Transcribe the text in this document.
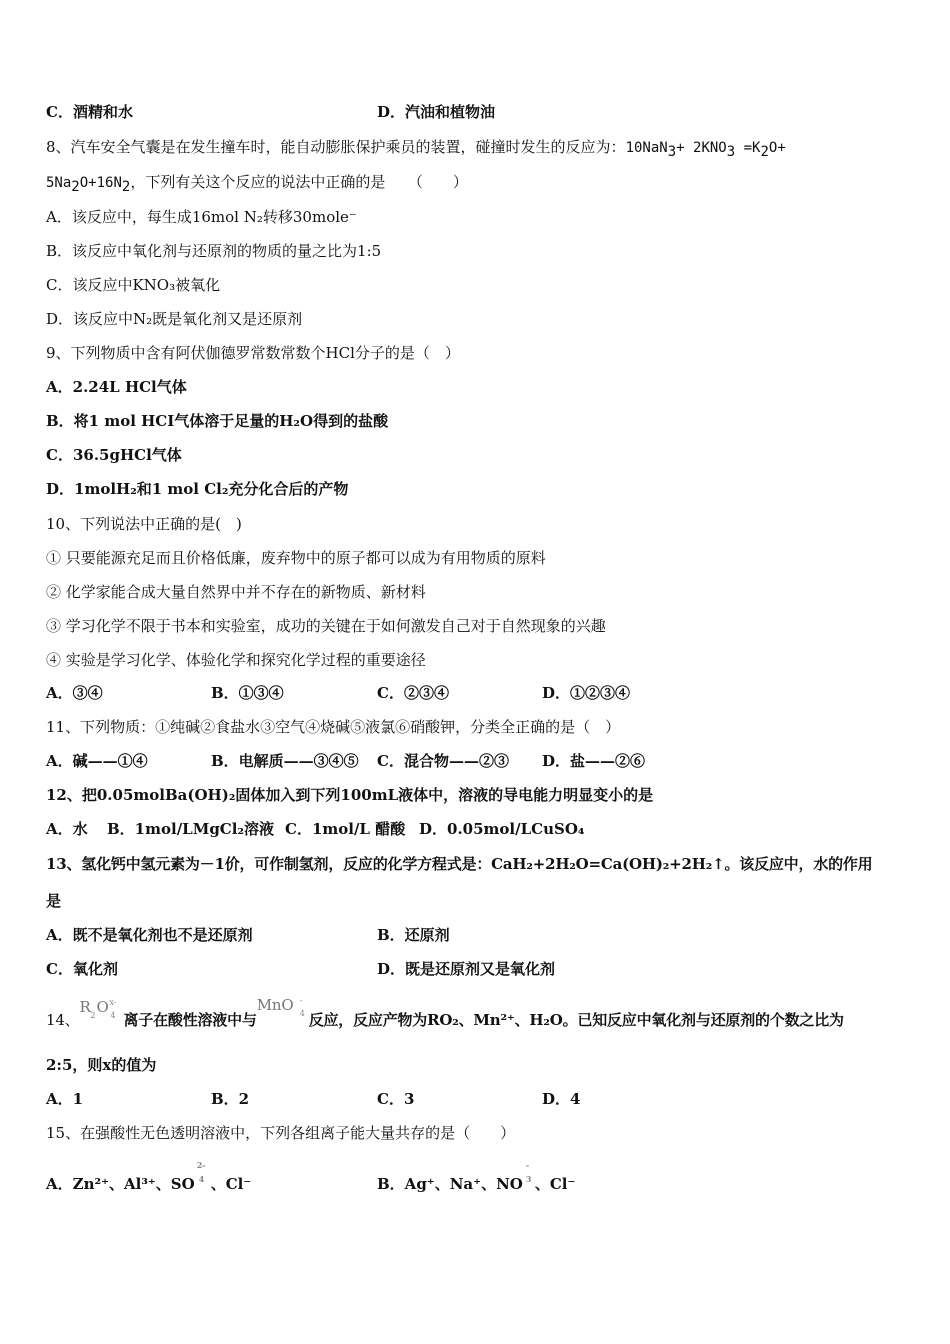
C．酒精和水	D．汽油和植物油
8、汽车安全气囊是在发生撞车时，能自动膨胀保护乘员的装置，碰撞时发生的反应为：$10NaN_3+ 2KNO_3 =K_2O+$
$5Na_2O+16N_2$，下列有关这个反应的说法中正确的是　　（　　）
A．该反应中，每生成16mol N₂转移30mole⁻
B．该反应中氧化剂与还原剂的物质的量之比为1:5
C．该反应中KNO₃被氧化
D．该反应中N₂既是氧化剂又是还原剂
9、下列物质中含有阿伏伽德罗常数常数个HCl分子的是（　）
A．2.24L HCl气体
B．将1 mol HCI气体溶于足量的H₂O得到的盐酸
C．36.5gHCl气体
D．1molH₂和1 mol Cl₂充分化合后的产物
10、下列说法中正确的是(　)
① 只要能源充足而且价格低廉，废弃物中的原子都可以成为有用物质的原料
② 化学家能合成大量自然界中并不存在的新物质、新材料
③ 学习化学不限于书本和实验室，成功的关键在于如何激发自己对于自然现象的兴趣
④ 实验是学习化学、体验化学和探究化学过程的重要途径
A．③④	B．①③④	C．②③④	D．①②③④
11、下列物质：①纯碱②食盐水③空气④烧碱⑤液氯⑥硝酸钾，分类全正确的是（　）
A．碱——①④	B．电解质——③④⑤ C．混合物——②③ D．盐——②⑥
12、把0.05molBa(OH)₂固体加入到下列100mL液体中，溶液的导电能力明显变小的是
A．水 B．1mol/LMgCl₂溶液 C．1mol/L 醋酸 D．0.05mol/LCuSO₄
13、氢化钙中氢元素为－1价，可作制氢剂，反应的化学方程式是：CaH₂+2H₂O=Ca(OH)₂+2H₂↑。该反应中，水的作用
是
A．既不是氧化剂也不是还原剂	B．还原剂
C．氧化剂	D．既是还原剂又是氧化剂
14、
R 2 O x-
4 离子在酸性溶液中与
MnO -
4 反应，反应产物为RO₂、Mn²⁺、H₂O。已知反应中氧化剂与还原剂的个数之比为
2:5，则x的值为
A．1	B．2	C．3	D．4
15、在强酸性无色透明溶液中，下列各组离子能大量共存的是（　　）
A．Zn²⁺、Al³⁺、SO
2-
4 、Cl⁻	B．Ag⁺、Na⁺、NO
-
3 、Cl⁻
